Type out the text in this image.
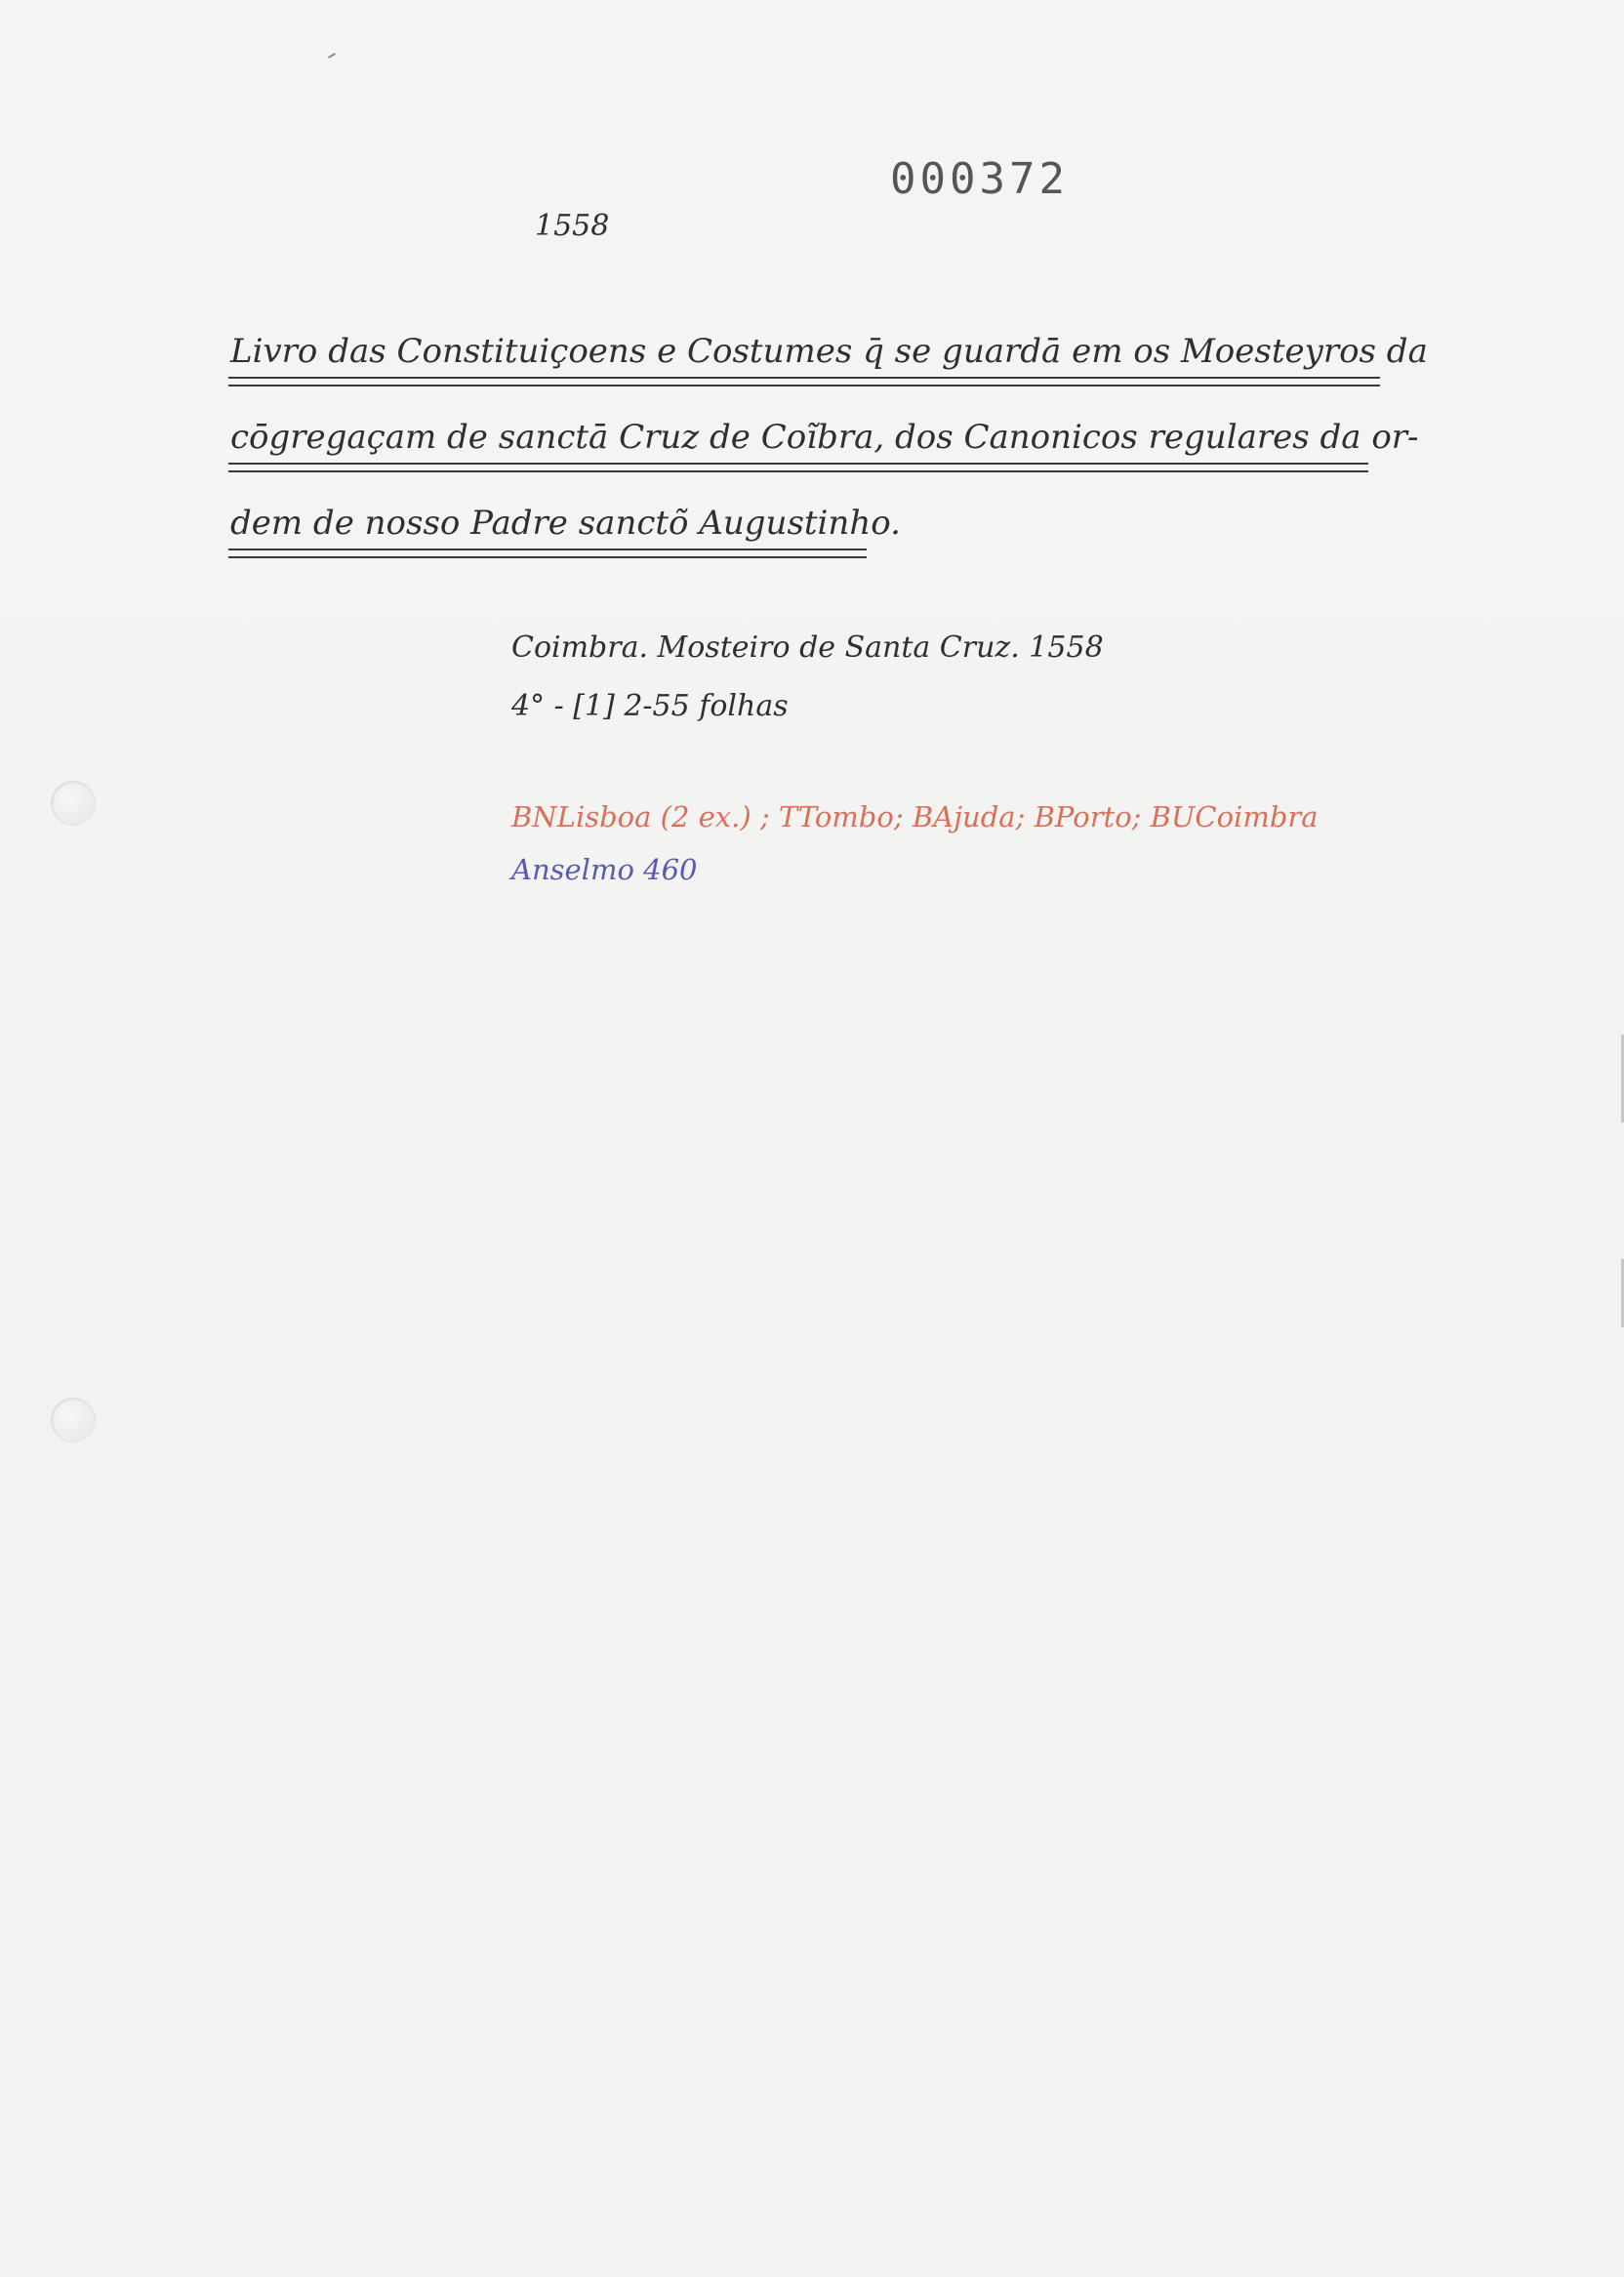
000372
1558
Livro das Constituiçoens e Costumes q̄ se guardā em os Moesteyros da
cōgregaçam de sanctā Cruz de Coĩbra, dos Canonicos regulares da or-
dem de nosso Padre sanctõ Augustinho.
Coimbra. Mosteiro de Santa Cruz. 1558
4° - [1] 2-55 folhas
BNLisboa (2 ex.) ; TTombo; BAjuda; BPorto; BUCoimbra
Anselmo 460
